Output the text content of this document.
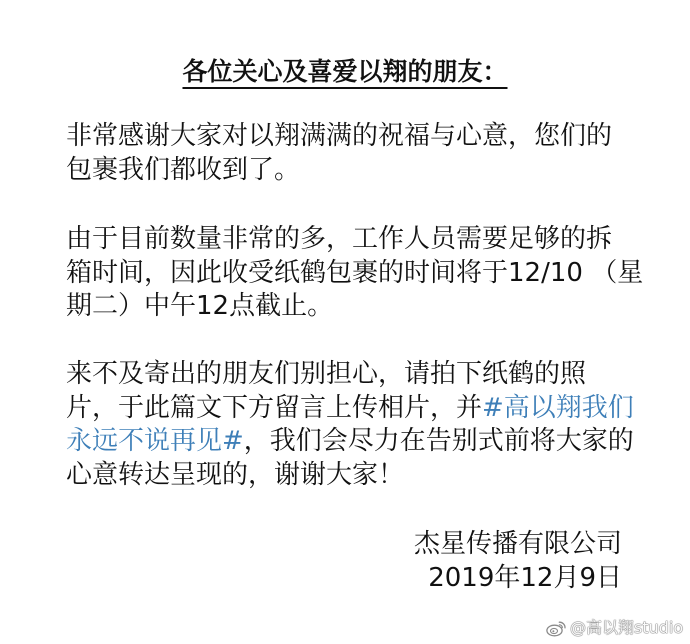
各位关心及喜爱以翔的朋友：
非常感谢大家对以翔满满的祝福与心意，您们的
包裹我们都收到了。
由于目前数量非常的多，工作人员需要足够的拆
箱时间，因此收受纸鹤包裹的时间将于12/10 （星
期二）中午12点截止。
来不及寄出的朋友们别担心，请拍下纸鹤的照
片，于此篇文下方留言上传相片，并#高以翔我们
永远不说再见#，我们会尽力在告别式前将大家的
心意转达呈现的，谢谢大家！
杰星传播有限公司
2019年12月9日
@高以翔studio
